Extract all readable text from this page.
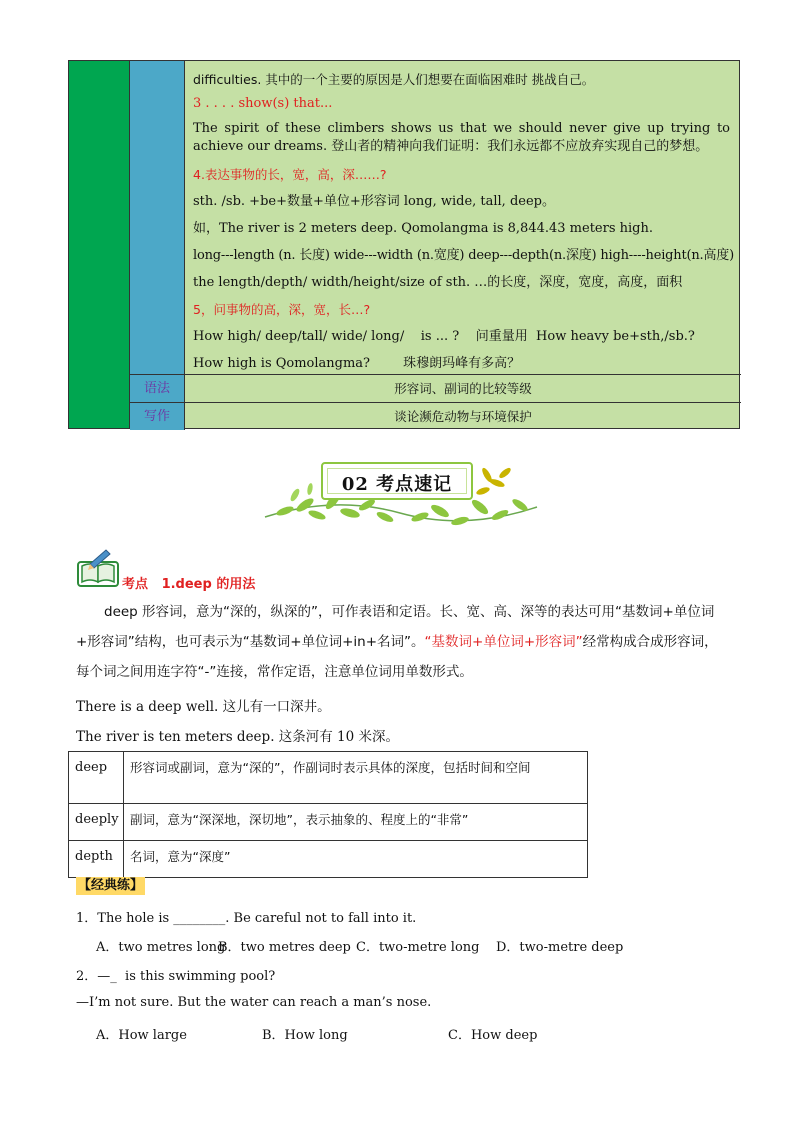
difficulties. 其中的一个主要的原因是人们想要在面临困难时 挑战自己。

3 . . . . show(s) that...

The spirit of these climbers shows us that we should never give up trying to achieve our dreams. 登山者的精神向我们证明：我们永远都不应放弃实现自己的梦想。

4.表达事物的长，宽，高，深……?

sth. /sb. +be+数量+单位+形容词 long, wide, tall, deep。

如，The river is 2 meters deep. Qomolangma is 8,844.43 meters high.

long---length (n. 长度) wide---width (n.宽度) deep---depth(n.深度) high----height(n.高度)

the length/depth/ width/height/size of sth. …的长度，深度，宽度，高度，面积

5，问事物的高，深，宽，长…?

How high/ deep/tall/ wide/ long/    is ... ?    问重量用  How heavy be+sth,/sb.?

How high is Qomolangma?        珠穆朗玛峰有多高？

语法	形容词、副词的比较等级
写作	谈论濒危动物与环境保护
02 考点速记
考点   1.deep 的用法
deep 形容词，意为“深的，纵深的”，可作表语和定语。长、宽、高、深等的表达可用“基数词+单位词+形容词”结构，也可表示为“基数词+单位词+in+名词”。“基数词+单位词+形容词”经常构成合成形容词，每个词之间用连字符“-”连接，常作定语，注意单位词用单数形式。
There is a deep well. 这儿有一口深井。
The river is ten meters deep. 这条河有 10 米深。
deep	形容词或副词，意为“深的”，作副词时表示具体的深度，包括时间和空间
deeply	副词，意为“深深地，深切地”，表示抽象的、程度上的“非常”
depth	名词，意为“深度”
【经典练】
1．The hole is ________. Be careful not to fall into it.
A．two metres long
B．two metres deep C．two-metre long D．two-metre deep
2．—_  is this swimming pool?
—I’m not sure. But the water can reach a man’s nose.
A．How large	B．How long	C．How deep
